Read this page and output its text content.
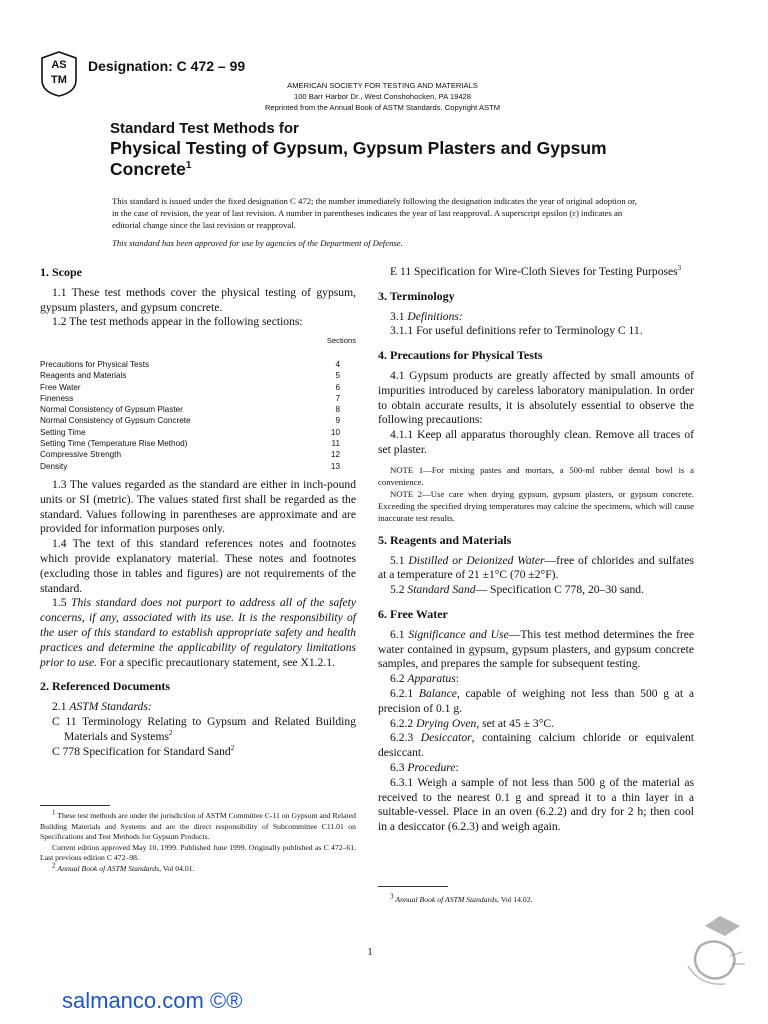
AS
TM
Designation: C 472 – 99
AMERICAN SOCIETY FOR TESTING AND MATERIALS
100 Barr Harbor Dr., West Conshohocken, PA 19428
Reprinted from the Annual Book of ASTM Standards. Copyright ASTM
Standard Test Methods for
Physical Testing of Gypsum, Gypsum Plasters and Gypsum
Concrete$^1$

This standard is issued under the fixed designation C 472; the number immediately following the designation indicates the year of original adoption or, in the case of revision, the year of last revision. A number in parentheses indicates the year of last reapproval. A superscript epsilon (ε) indicates an editorial change since the last revision or reapproval.

This standard has been approved for use by agencies of the Department of Defense.

1. Scope

1.1 These test methods cover the physical testing of gypsum, gypsum plasters, and gypsum concrete.

1.2 The test methods appear in the following sections:

Sections
Precautions for Physical Tests	4
Reagents and Materials	5
Free Water	6
Fineness	7
Normal Consistency of Gypsum Plaster	8
Normal Consistency of Gypsum Concrete	9
Setting Time	10
Setting Time (Temperature Rise Method)	11
Compressive Strength	12
Density	13

1.3 The values regarded as the standard are either in inch-pound units or SI (metric). The values stated first shall be regarded as the standard. Values following in parentheses are approximate and are provided for information purposes only.

1.4 The text of this standard references notes and footnotes which provide explanatory material. These notes and footnotes (excluding those in tables and figures) are not requirements of the standard.

1.5 This standard does not purport to address all of the safety concerns, if any, associated with its use. It is the responsibility of the user of this standard to establish appropriate safety and health practices and determine the applicability of regulatory limitations prior to use. For a specific precautionary statement, see X1.2.1.

2. Referenced Documents

2.1 ASTM Standards:

C 11 Terminology Relating to Gypsum and Related Building Materials and Systems$^2$

C 778 Specification for Standard Sand$^2$

$^1$ These test methods are under the jurisdiction of ASTM Committee C-11 on Gypsum and Related Building Materials and Systems and are the direct responsibility of Subcommittee C11.01 on Specifications and Test Methods for Gypsum Products.

Current edition approved May 10, 1999. Published June 1999. Originally published as C 472–61. Last previous edition C 472–98.

$^2$ Annual Book of ASTM Standards, Vol 04.01.

E 11 Specification for Wire-Cloth Sieves for Testing Purposes$^3$

3. Terminology

3.1 Definitions:

3.1.1 For useful definitions refer to Terminology C 11.

4. Precautions for Physical Tests

4.1 Gypsum products are greatly affected by small amounts of impurities introduced by careless laboratory manipulation. In order to obtain accurate results, it is absolutely essential to observe the following precautions:

4.1.1 Keep all apparatus thoroughly clean. Remove all traces of set plaster.

NOTE 1—For mixing pastes and mortars, a 500-ml rubber dental bowl is a convenience.

NOTE 2—Use care when drying gypsum, gypsum plasters, or gypsum concrete. Exceeding the specified drying temperatures may calcine the specimens, which will cause inaccurate test results.

5. Reagents and Materials

5.1 Distilled or Deionized Water—free of chlorides and sulfates at a temperature of 21 ±1°C (70 ±2°F).

5.2 Standard Sand— Specification C 778, 20–30 sand.

6. Free Water

6.1 Significance and Use—This test method determines the free water contained in gypsum, gypsum plasters, and gypsum concrete samples, and prepares the sample for subsequent testing.

6.2 Apparatus:

6.2.1 Balance, capable of weighing not less than 500 g at a precision of 0.1 g.

6.2.2 Drying Oven, set at 45 ± 3°C.

6.2.3 Desiccator, containing calcium chloride or equivalent desiccant.

6.3 Procedure:

6.3.1 Weigh a sample of not less than 500 g of the material as received to the nearest 0.1 g and spread it to a thin layer in a suitable-vessel. Place in an oven (6.2.2) and dry for 2 h; then cool in a desiccator (6.2.3) and weigh again.

$^3$ Annual Book of ASTM Standards, Vol 14.02.
1
salmanco.com ©®
